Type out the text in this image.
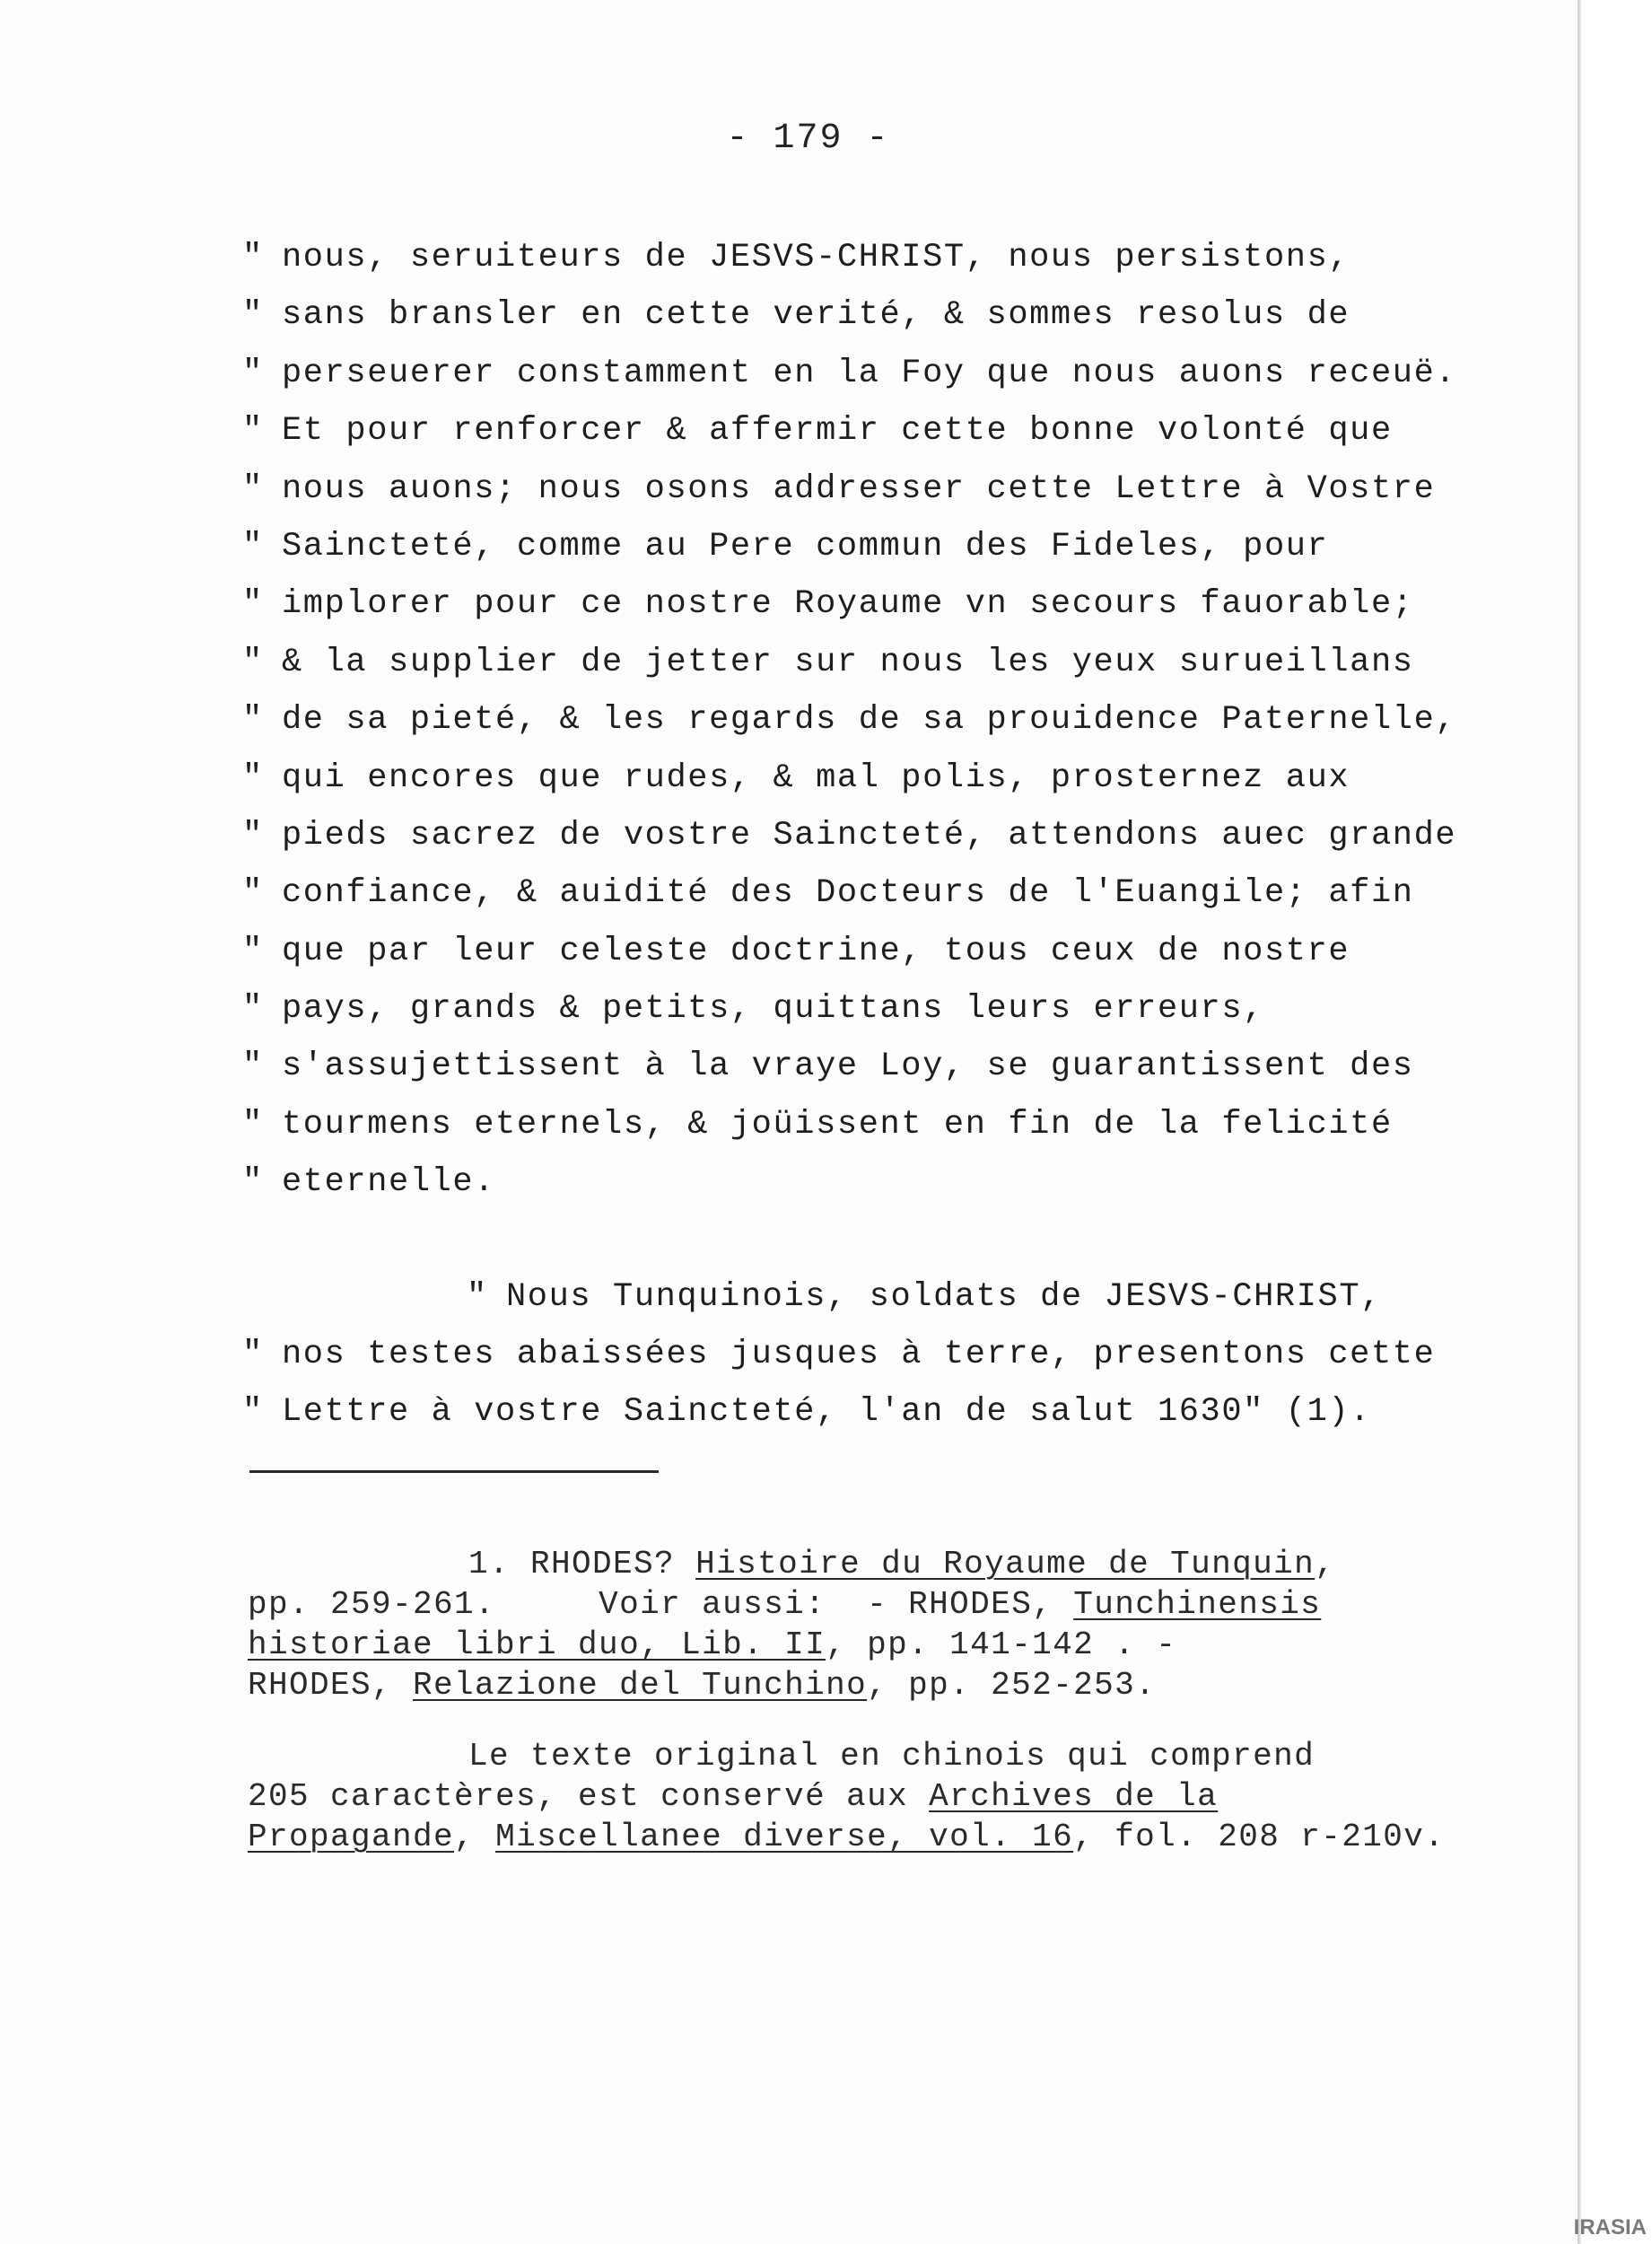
- 179 -
" nous, seruiteurs de JESVS-CHRIST, nous persistons,
" sans bransler en cette verité, & sommes resolus de
" perseuerer constamment en la Foy que nous auons receuë.
" Et pour renforcer & affermir cette bonne volonté que
" nous auons; nous osons addresser cette Lettre à Vostre
" Saincteté, comme au Pere commun des Fideles, pour
" implorer pour ce nostre Royaume vn secours fauorable;
" & la supplier de jetter sur nous les yeux surueillans
" de sa pieté, & les regards de sa prouidence Paternelle,
" qui encores que rudes, & mal polis, prosternez aux
" pieds sacrez de vostre Saincteté, attendons auec grande
" confiance, & auidité des Docteurs de l'Euangile; afin
" que par leur celeste doctrine, tous ceux de nostre
" pays, grands & petits, quittans leurs erreurs,
" s'assujettissent à la vraye Loy, se guarantissent des
" tourmens eternels, & joüissent en fin de la felicité
" eternelle.
" Nous Tunquinois, soldats de JESVS-CHRIST,
" nos testes abaissées jusques à terre, presentons cette
" Lettre à vostre Saincteté, l'an de salut 1630" (1).
1. RHODES? Histoire du Royaume de Tunquin,
pp. 259-261.	Voir aussi: - RHODES, Tunchinensis
historiae libri duo, Lib. II, pp. 141-142 . -
RHODES, Relazione del Tunchino, pp. 252-253.
Le texte original en chinois qui comprend
205 caractères, est conservé aux Archives de la
Propagande, Miscellanee diverse, vol. 16, fol. 208 r-210v.
IRASIA
